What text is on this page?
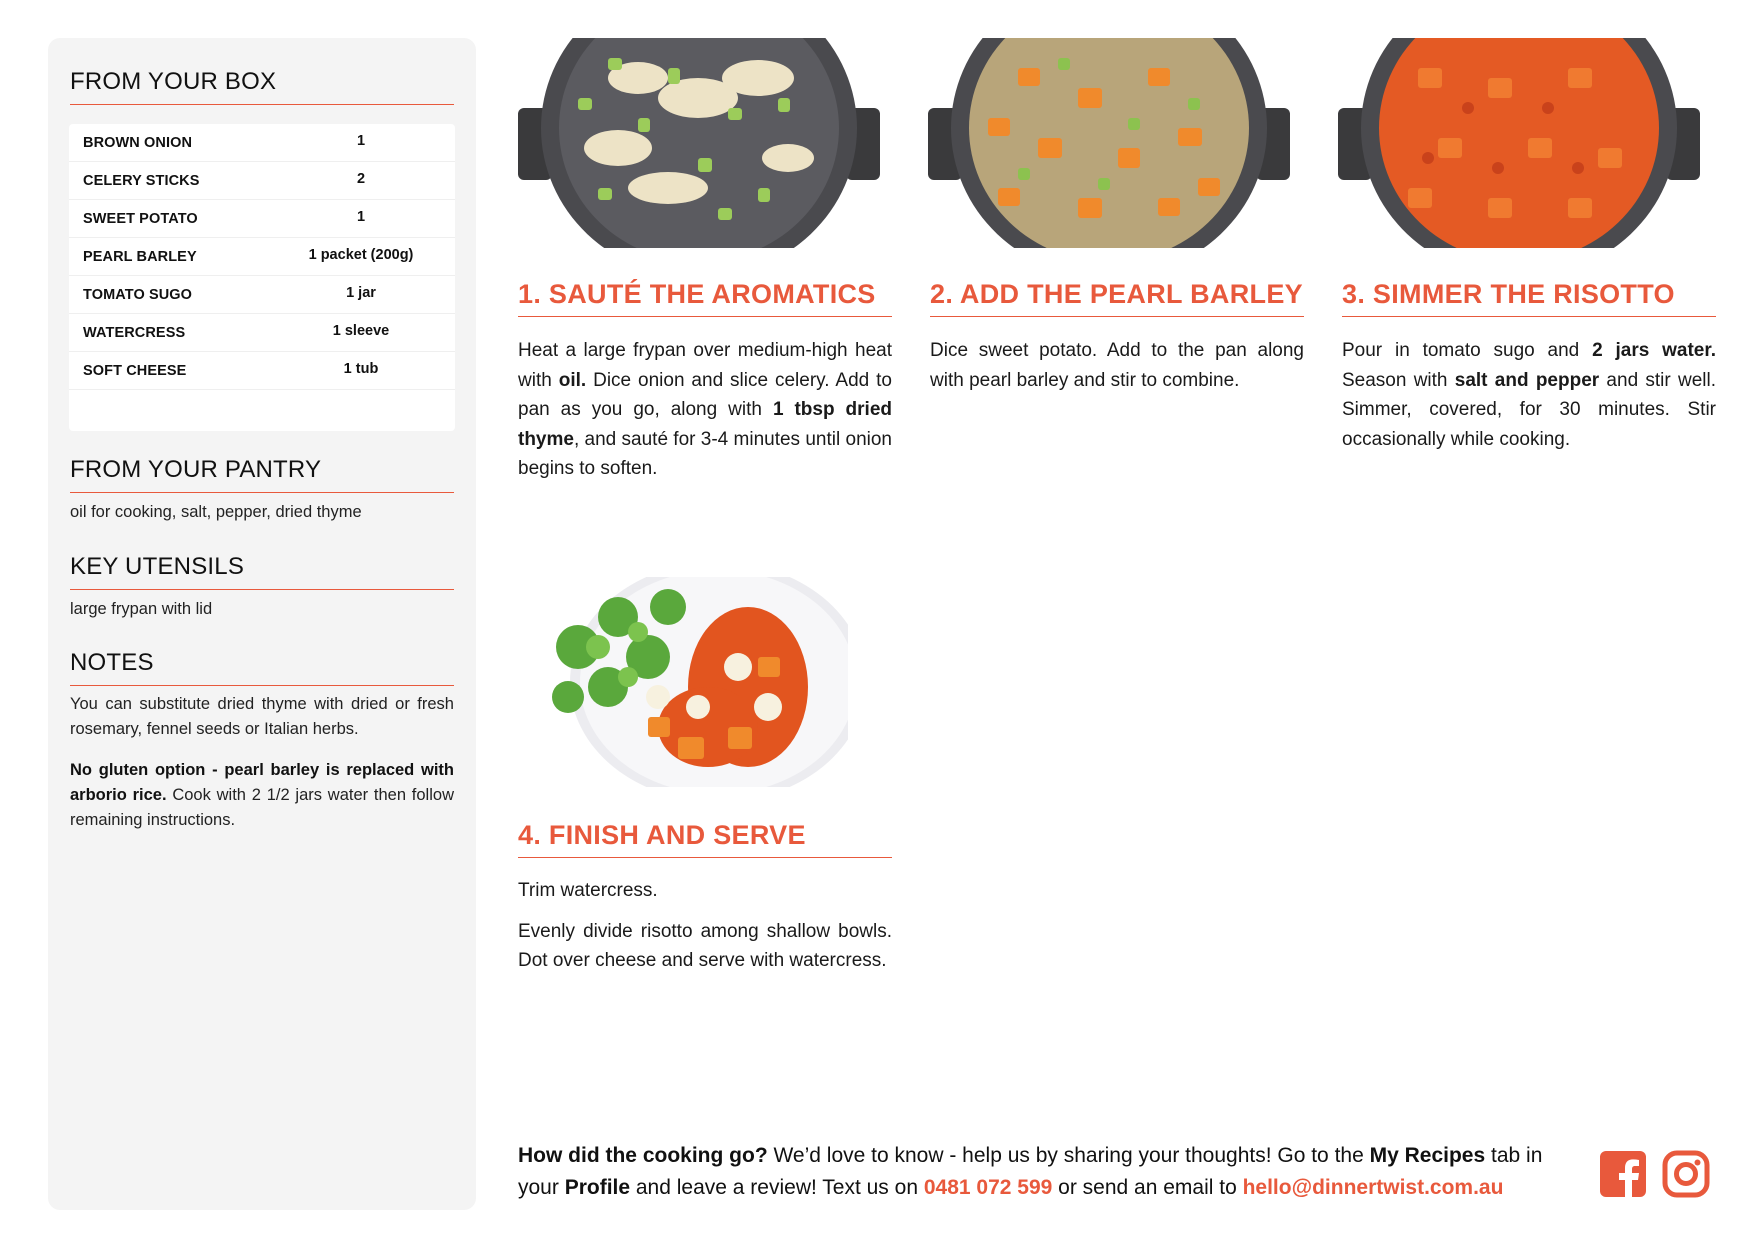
FROM YOUR BOX
BROWN ONION	1
CELERY STICKS	2
SWEET POTATO	1
PEARL BARLEY	1 packet (200g)
TOMATO SUGO	1 jar
WATERCRESS	1 sleeve
SOFT CHEESE	1 tub
FROM YOUR PANTRY
oil for cooking, salt, pepper, dried thyme
KEY UTENSILS
large frypan with lid
NOTES
You can substitute dried thyme with dried or fresh rosemary, fennel seeds or Italian herbs.
No gluten option - pearl barley is replaced with arborio rice. Cook with 2 1/2 jars water then follow remaining instructions.
1. SAUTÉ THE AROMATICS

Heat a large frypan over medium-high heat with oil. Dice onion and slice celery. Add to pan as you go, along with 1 tbsp dried thyme, and sauté for 3-4 minutes until onion begins to soften.

2. ADD THE PEARL BARLEY

Dice sweet potato. Add to the pan along with pearl barley and stir to combine.

3. SIMMER THE RISOTTO

Pour in tomato sugo and 2 jars water. Season with salt and pepper and stir well. Simmer, covered, for 30 minutes. Stir occasionally while cooking.

4. FINISH AND SERVE

Trim watercress.

Evenly divide risotto among shallow bowls. Dot over cheese and serve with watercress.

How did the cooking go? We’d love to know - help us by sharing your thoughts! Go to the My Recipes tab in your Profile and leave a review! Text us on 0481 072 599 or send an email to hello@dinnertwist.com.au
